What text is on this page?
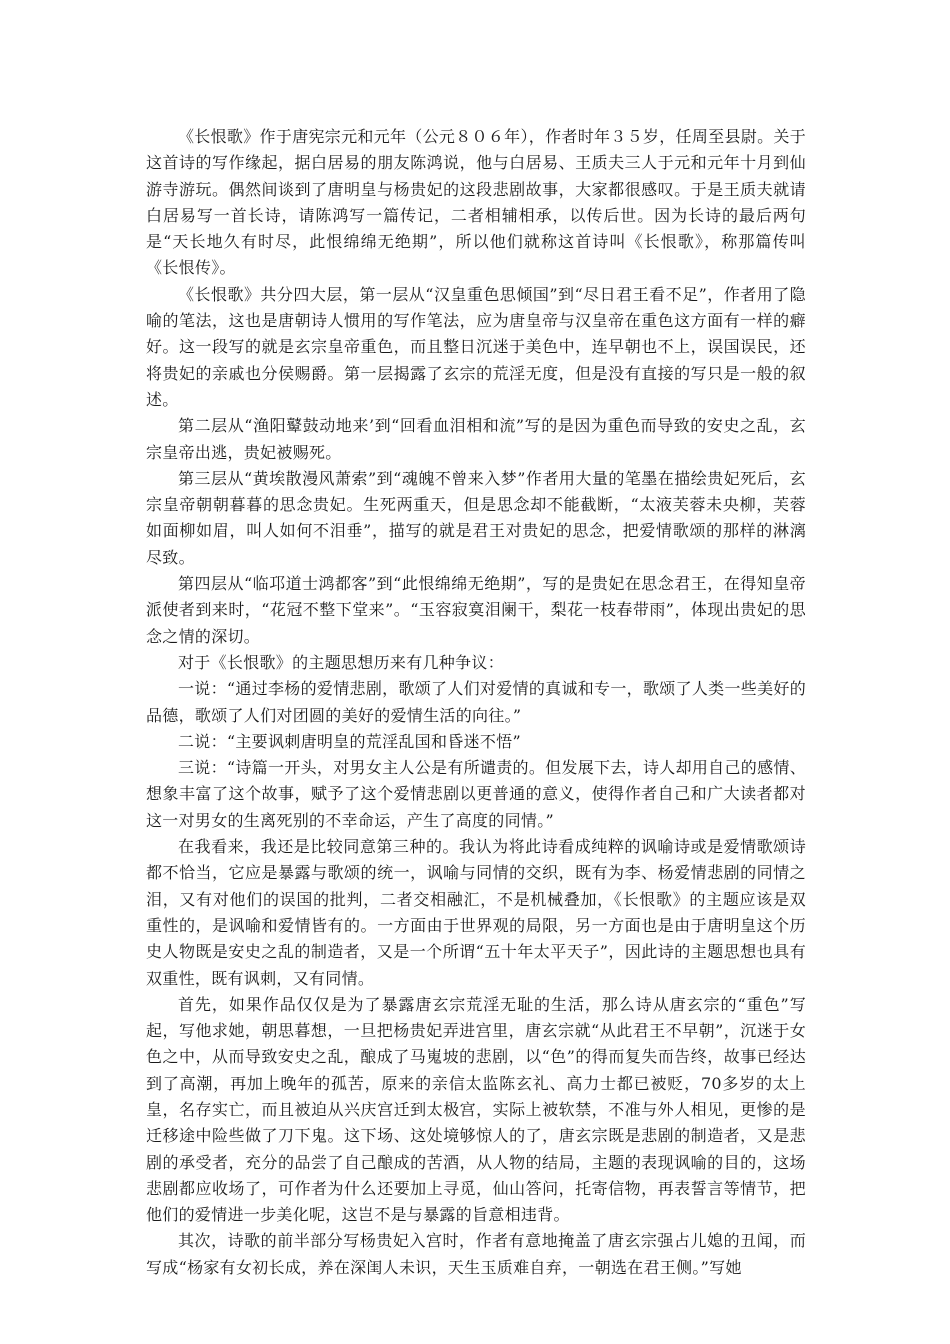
《长恨歌》作于唐宪宗元和元年（公元８０６年），作者时年３５岁，任周至县尉。关于这首诗的写作缘起，据白居易的朋友陈鸿说，他与白居易、王质夫三人于元和元年十月到仙游寺游玩。偶然间谈到了唐明皇与杨贵妃的这段悲剧故事，大家都很感叹。于是王质夫就请白居易写一首长诗，请陈鸿写一篇传记，二者相辅相承，以传后世。因为长诗的最后两句是“天长地久有时尽，此恨绵绵无绝期”，所以他们就称这首诗叫《长恨歌》，称那篇传叫《长恨传》。

《长恨歌》共分四大层，第一层从“汉皇重色思倾国”到“尽日君王看不足”，作者用了隐喻的笔法，这也是唐朝诗人惯用的写作笔法，应为唐皇帝与汉皇帝在重色这方面有一样的癖好。这一段写的就是玄宗皇帝重色，而且整日沉迷于美色中，连早朝也不上，误国误民，还将贵妃的亲戚也分侯赐爵。第一层揭露了玄宗的荒淫无度，但是没有直接的写只是一般的叙述。

第二层从“渔阳鼙鼓动地来’到“回看血泪相和流”写的是因为重色而导致的安史之乱，玄宗皇帝出逃，贵妃被赐死。

第三层从“黄埃散漫风萧索”到“魂魄不曾来入梦”作者用大量的笔墨在描绘贵妃死后，玄宗皇帝朝朝暮暮的思念贵妃。生死两重天，但是思念却不能截断，“太液芙蓉未央柳，芙蓉如面柳如眉，叫人如何不泪垂”，描写的就是君王对贵妃的思念，把爱情歌颂的那样的淋漓尽致。

第四层从“临邛道士鸿都客”到“此恨绵绵无绝期”，写的是贵妃在思念君王，在得知皇帝派使者到来时，“花冠不整下堂来”。“玉容寂寞泪阑干，梨花一枝春带雨”，体现出贵妃的思念之情的深切。

对于《长恨歌》的主题思想历来有几种争议：

一说：“通过李杨的爱情悲剧，歌颂了人们对爱情的真诚和专一，歌颂了人类一些美好的品德，歌颂了人们对团圆的美好的爱情生活的向往。”

二说：“主要讽刺唐明皇的荒淫乱国和昏迷不悟”

三说：“诗篇一开头，对男女主人公是有所谴责的。但发展下去，诗人却用自己的感情、想象丰富了这个故事，赋予了这个爱情悲剧以更普通的意义，使得作者自己和广大读者都对这一对男女的生离死别的不幸命运，产生了高度的同情。”

在我看来，我还是比较同意第三种的。我认为将此诗看成纯粹的讽喻诗或是爱情歌颂诗都不恰当，它应是暴露与歌颂的统一，讽喻与同情的交织，既有为李、杨爱情悲剧的同情之泪，又有对他们的误国的批判，二者交相融汇，不是机械叠加，《长恨歌》的主题应该是双重性的，是讽喻和爱情皆有的。一方面由于世界观的局限，另一方面也是由于唐明皇这个历史人物既是安史之乱的制造者，又是一个所谓“五十年太平天子”，因此诗的主题思想也具有双重性，既有讽刺，又有同情。

首先，如果作品仅仅是为了暴露唐玄宗荒淫无耻的生活，那么诗从唐玄宗的“重色”写起，写他求她，朝思暮想，一旦把杨贵妃弄进宫里，唐玄宗就“从此君王不早朝”，沉迷于女色之中，从而导致安史之乱，酿成了马嵬坡的悲剧，以“色”的得而复失而告终，故事已经达到了高潮，再加上晚年的孤苦，原来的亲信太监陈玄礼、高力士都已被贬，70多岁的太上皇，名存实亡，而且被迫从兴庆宫迁到太极宫，实际上被软禁，不准与外人相见，更惨的是迁移途中险些做了刀下鬼。这下场、这处境够惊人的了，唐玄宗既是悲剧的制造者，又是悲剧的承受者，充分的品尝了自己酿成的苦酒，从人物的结局，主题的表现讽喻的目的，这场悲剧都应收场了，可作者为什么还要加上寻觅，仙山答问，托寄信物，再表誓言等情节，把他们的爱情进一步美化呢，这岂不是与暴露的旨意相违背。

其次，诗歌的前半部分写杨贵妃入宫时，作者有意地掩盖了唐玄宗强占儿媳的丑闻，而写成“杨家有女初长成，养在深闺人未识，天生玉质难自弃，一朝选在君王侧。”写她
